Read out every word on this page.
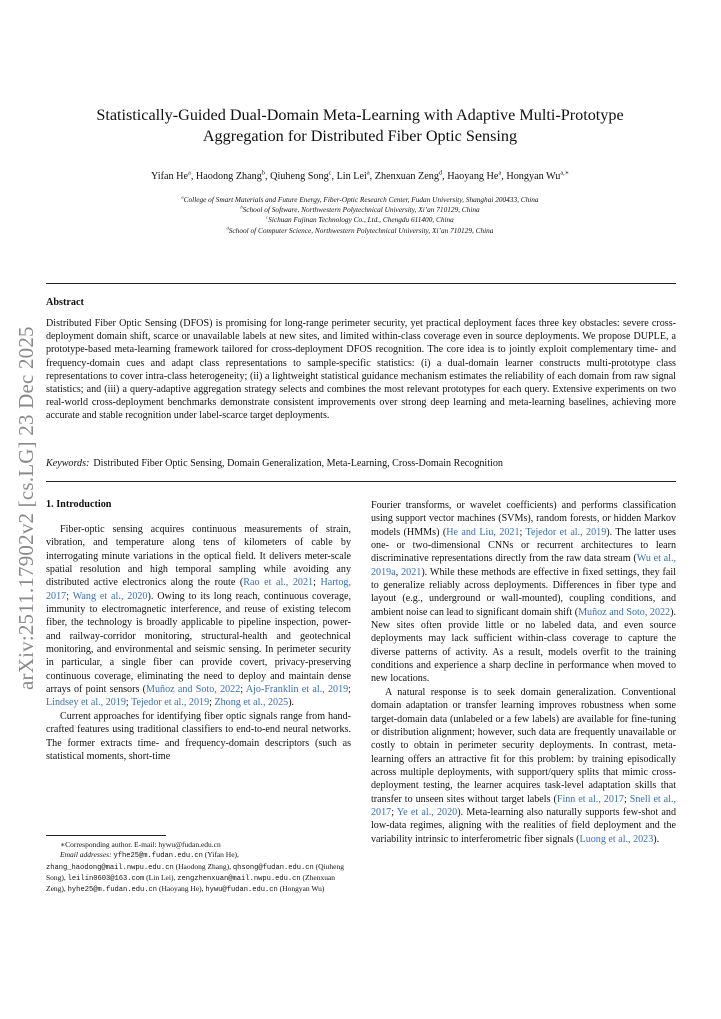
arXiv:2511.17902v2 [cs.LG] 23 Dec 2025
Statistically-Guided Dual-Domain Meta-Learning with Adaptive Multi-Prototype
Aggregation for Distributed Fiber Optic Sensing
Yifan He$^a$, Haodong Zhang$^b$, Qiuheng Song$^c$, Lin Lei$^a$, Zhenxuan Zeng$^d$, Haoyang He$^a$, Hongyan $Wu^{a,∗}$
$^a$College of Smart Materials and Future Energy, Fiber-Optic Research Center, Fudan University, Shanghai 200433, China
$^b$School of Software, Northwestern Polytechnical University, Xi’an 710129, China
$^c$Sichuan Fujinan Technology Co., Ltd., Chengdu 611400, China
$^d$School of Computer Science, Northwestern Polytechnical University, Xi’an 710129, China
Abstract
Distributed Fiber Optic Sensing (DFOS) is promising for long-range perimeter security, yet practical deployment faces three key obstacles: severe cross-deployment domain shift, scarce or unavailable labels at new sites, and limited within-class coverage even in source deployments. We propose DUPLE, a prototype-based meta-learning framework tailored for cross-deployment DFOS recognition. The core idea is to jointly exploit complementary time- and frequency-domain cues and adapt class representations to sample-specific statistics: (i) a dual-domain learner constructs multi-prototype class representations to cover intra-class heterogeneity; (ii) a lightweight statistical guidance mechanism estimates the reliability of each domain from raw signal statistics; and (iii) a query-adaptive aggregation strategy selects and combines the most relevant prototypes for each query. Extensive experiments on two real-world cross-deployment benchmarks demonstrate consistent improvements over strong deep learning and meta-learning baselines, achieving more accurate and stable recognition under label-scarce target deployments.
Keywords: Distributed Fiber Optic Sensing, Domain Generalization, Meta-Learning, Cross-Domain Recognition
1. Introduction

Fiber-optic sensing acquires continuous measurements of strain, vibration, and temperature along tens of kilometers of cable by interrogating minute variations in the optical field. It delivers meter-scale spatial resolution and high temporal sampling while avoiding any distributed active electronics along the route (Rao et al., 2021; Hartog, 2017; Wang et al., 2020). Owing to its long reach, continuous coverage, immunity to electromagnetic interference, and reuse of existing telecom fiber, the technology is broadly applicable to pipeline inspection, power- and railway-corridor monitoring, structural-health and geotechnical monitoring, and environmental and seismic sensing. In perimeter security in particular, a single fiber can provide covert, privacy-preserving continuous coverage, eliminating the need to deploy and maintain dense arrays of point sensors (Muñoz and Soto, 2022; Ajo-Franklin et al., 2019; Lindsey et al., 2019; Tejedor et al., 2019; Zhong et al., 2025).

Current approaches for identifying fiber optic signals range from hand-crafted features using traditional classifiers to end-to-end neural networks. The former extracts time- and frequency-domain descriptors (such as statistical moments, short-time

Fourier transforms, or wavelet coefficients) and performs classification using support vector machines (SVMs), random forests, or hidden Markov models (HMMs) (He and Liu, 2021; Tejedor et al., 2019). The latter uses one- or two-dimensional CNNs or recurrent architectures to learn discriminative representations directly from the raw data stream (Wu et al., 2019a, 2021). While these methods are effective in fixed settings, they fail to generalize reliably across deployments. Differences in fiber type and layout (e.g., underground or wall-mounted), coupling conditions, and ambient noise can lead to significant domain shift (Muñoz and Soto, 2022). New sites often provide little or no labeled data, and even source deployments may lack sufficient within-class coverage to capture the diverse patterns of activity. As a result, models overfit to the training conditions and experience a sharp decline in performance when moved to new locations.

A natural response is to seek domain generalization. Conventional domain adaptation or transfer learning improves robustness when some target-domain data (unlabeled or a few labels) are available for fine-tuning or distribution alignment; however, such data are frequently unavailable or costly to obtain in perimeter security deployments. In contrast, meta-learning offers an attractive fit for this problem: by training episodically across multiple deployments, with support/query splits that mimic cross-deployment testing, the learner acquires task-level adaptation skills that transfer to unseen sites without target labels (Finn et al., 2017; Snell et al., 2017; Ye et al., 2020). Meta-learning also naturally supports few-shot and low-data regimes, aligning with the realities of field deployment and the variability intrinsic to interferometric fiber signals (Luong et al., 2023).

∗Corresponding author. E-mail: hywu@fudan.edu.cn
Email addresses: yfhe25@m.fudan.edu.cn (Yifan He), zhang_haodong@mail.nwpu.edu.cn (Haodong Zhang), qhsong@fudan.edu.cn (Qiuheng Song), leilin0603@163.com (Lin Lei), zengzhenxuan@mail.nwpu.edu.cn (Zhenxuan Zeng), hyhe25@m.fudan.edu.cn (Haoyang He), hywu@fudan.edu.cn (Hongyan Wu)
